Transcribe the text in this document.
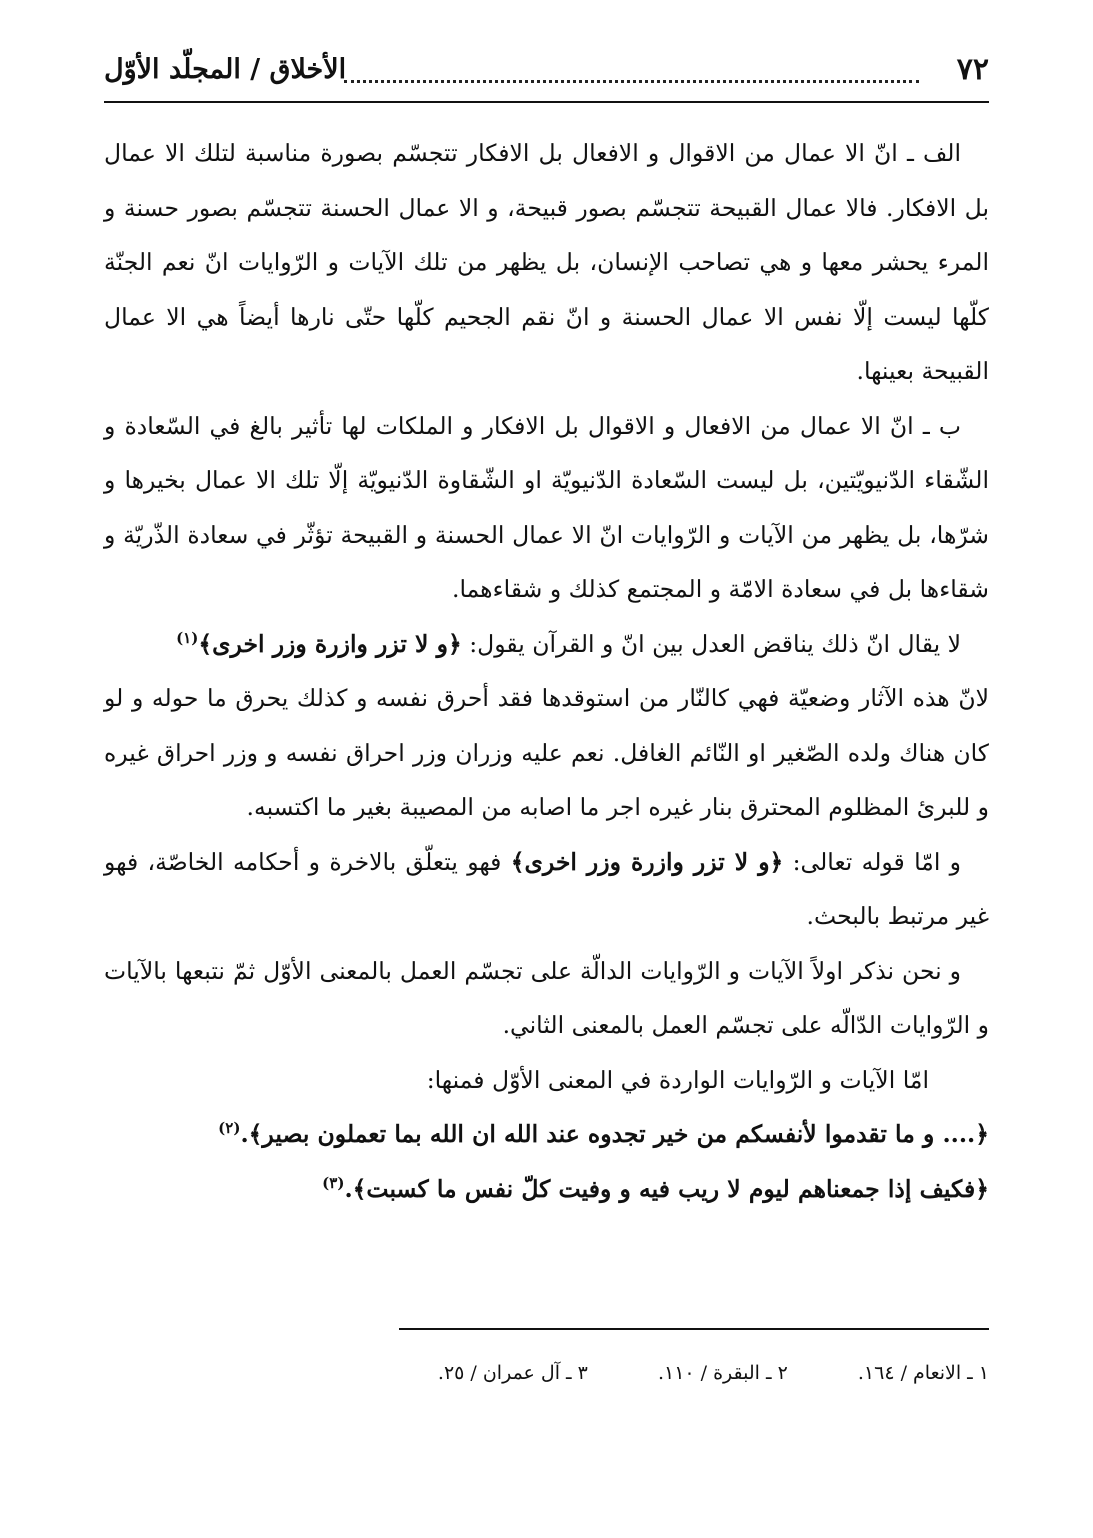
٧٢
الأخلاق / المجلّد الأوّل

الف ـ انّ الا عمال من الاقوال و الافعال بل الافكار تتجسّم بصورة مناسبة لتلك الا عمال بل الافكار. فالا عمال القبيحة تتجسّم بصور قبيحة، و الا عمال الحسنة تتجسّم بصور حسنة و المرء يحشر معها و هي تصاحب الإنسان، بل يظهر من تلك الآيات و الرّوايات انّ نعم الجنّة كلّها ليست إلّا نفس الا عمال الحسنة و انّ نقم الجحيم كلّها حتّى نارها أيضاً هي الا عمال القبيحة بعينها.

ب ـ انّ الا عمال من الافعال و الاقوال بل الافكار و الملكات لها تأثير بالغ في السّعادة و الشّقاء الدّنيويّتين، بل ليست السّعادة الدّنيويّة او الشّقاوة الدّنيويّة إلّا تلك الا عمال بخيرها و شرّها، بل يظهر من الآيات و الرّوايات انّ الا عمال الحسنة و القبيحة تؤثّر في سعادة الذّريّة و شقاءها بل في سعادة الامّة و المجتمع كذلك و شقاءهما.

لا يقال انّ ذلك يناقض العدل بين انّ و القرآن يقول: ﴿و لا تزر وازرة وزر اخرى﴾$^{(١)}$

لانّ هذه الآثار وضعيّة فهي كالنّار من استوقدها فقد أحرق نفسه و كذلك يحرق ما حوله و لو كان هناك ولده الصّغير او النّائم الغافل. نعم عليه وزران وزر احراق نفسه و وزر احراق غيره و للبرئ المظلوم المحترق بنار غيره اجر ما اصابه من المصيبة بغير ما اكتسبه.

و امّا قوله تعالى: ﴿و لا تزر وازرة وزر اخرى﴾ فهو يتعلّق بالاخرة و أحكامه الخاصّة، فهو غير مرتبط بالبحث.

و نحن نذكر اولاً الآيات و الرّوايات الدالّة على تجسّم العمل بالمعنى الأوّل ثمّ نتبعها بالآيات و الرّوايات الدّالّه على تجسّم العمل بالمعنى الثاني.

امّا الآيات و الرّوايات الواردة في المعنى الأوّل فمنها:

﴿.... و ما تقدموا لأنفسكم من خير تجدوه عند الله ان الله بما تعملون بصير﴾.$^{(٢)}$

﴿فكيف إذا جمعناهم ليوم لا ريب فيه و وفيت كلّ نفس ما كسبت﴾.$^{(٣)}$

١ ـ الانعام / ١٦٤. ٢ ـ البقرة / ١١٠. ٣ ـ آل عمران / ٢٥.
